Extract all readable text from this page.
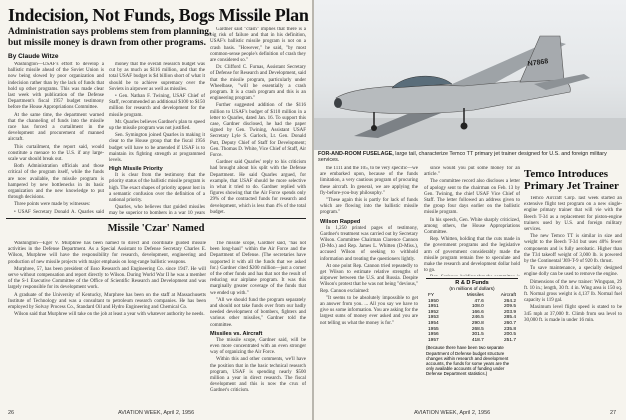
Indecision, Not Funds, Bogs Missile Plan
Administration says problems stem from planning, but missile money is drawn from other programs.
By Claude Witze

Washington—USAF's effort to develop a ballistic missile ahead of the Soviet Union is now being slowed by poor organization and indecision rather than by the lack of funds that hold up other programs. This was made clear last week with publication of the Defense Department's fiscal 1957 budget testimony before the House Appropriations Committee.

At the same time, the department warned that the channeling of funds into the missile race has forced a curtailment in the development and procurement of manned aircraft.

This curtailment, the report said, would constitute a menace to the U.S. if any large-scale war should break out.

Both Administration officials and those critical of the program itself, while the funds are now available, the missile program is hampered by new bottlenecks in its basic organization and the new knowledge to put through decisions.

Three points were made by witnesses:

• USAF Secretary Donald A. Quarles said

money that the overall research budget was cut by as much as $116 million, and that the total USAF budget is $4 billion short of what it should be to achieve supremacy over the Soviets in airpower as well as missiles.

• Gen. Nathan F. Twining, USAF Chief of Staff, recommended an additional $100 to $150 million for research and development for the missile program.

Mr. Quarles believes Gardner's plan to speed up the missile program was not justified.

Sen. Symington joined Quarles in making it clear to the House group that the fiscal 1956 budget will have to be amended if USAF is to maintain its fighting strength at programmed levels.

High Missile Priority

It is clear from the testimony that the priority status of the ballistic missile program is high. The exact shapes of priority appear lost in a semantic confusion over the definition of a national priority.

Quarles, who believes that guided missiles may be superior to bombers in a war 10 years

Gardner said "crash" implies that there is a big risk of failure and that in his definition, USAF's ballistic missile program is not on a crash basis. "However," he said, "by most common-sense people's definition of crash they are considered so."

Dr. Clifford C. Furnas, Assistant Secretary of Defense for Research and Development, said that the missile program, particularly under Wheelbase, "will be essentially a crash program. It is a crash program and this is an engineering program."

Further suggested addition of the $116 million to USAF's budget of $110 million in a letter to Quarles, dated Jan. 16. To support this case, Gardner disclosed, he had the paper signed by Gen. Twining, Assistant USAF Secretary Lyle S. Garlock, Lt. Gen. Donald Putt, Deputy Chief of Staff for Development; Gen. Thomas D. White, Vice Chief of Staff, Air Force.

Gardner said Quarles' reply to his criticism had brought about his split with the Defense Department. He said Quarles argued, for example, that USAF should be more selective in what it tried to do. Gardner replied with figures showing that the Air Force spends only 29% of the contracted funds for research and development, which is less than 4% of the total budget.

Missile 'Czar' Named

Washington—Eger V. Murphree has been named to direct and coordinate guided missile activities in the Defense Department. As a Special Assistant to Defense Secretary Charles E. Wilson, Murphree will have the responsibility for research, development, engineering and production of new missile projects with major emphasis on long-range ballistic weapons.

Murphree, 57, has been president of Esso Research and Engineering Co. since 1947. He will serve without compensation and report directly to Wilson. During World War II he was a member of the S-1 Executive Committee of the Office of Scientific Research and Development and was largely responsible for its development work.

A graduate of the University of Kentucky, Murphree has been on the staff at Massachusetts Institute of Technology and was a consultant to petroleum research companies. He has been employed by Solvay Process Co., Standard Oil and Hydro Engineering and Chemical Co.

Wilson said that Murphree will take on the job at least a year with whatever authority he needs.

The missile scope, Gardner said, "has not been long-haul" within the Air Force and the Department of Defense. (The secretaries have supported it with all the funds that we asked for.) Gardner cited $200 million—just a corner of the other funds and has that not the result of reducing our airplane program. It was this marginally greater coverage of the funds that we ended up with."

"All we should fund the program separately and should not take funds over from our badly needed development of bombers, fighters and various other missiles," Gardner told the committee.

Missiles vs. Aircraft

The missile scope, Gardner said, will be even more concentrated with an even stronger way of organizing the Air Force.

Within this and other comments, we'll have the position that in the basic technical research program, USAF is spending nearly $500 million a year in direct research. The fiscal development and this is now the crux of Gardner's criticism.

26	AVIATION WEEK, April 2, 1956
N7868
FOR-AND-ROOM FUSELAGE, large tail, characterize Temco TT primary jet trainer designed for U.S. and foreign military services.

the 1111 and the 105, to be very specific—we are embarked upon, because of the funds limitation, a very cautious program of procuring these aircraft. In general, we are applying the fly-before-you-buy philosophy."

"These again this is partly for lack of funds which are flowing into the ballistic missile program."

Wilson Rapped

In 1,250 printed pages of testimony, Gardner's treatment was carried out by Secretary Wilson. Committee Chairman Clarence Cannon (D-Mo.) and Rep. James L. Whitten (D-Miss.), accused Wilson of seeking to withhold information and treating the questioners lightly.

At one point Rep. Cannon tried repeatedly to get Wilson to estimate relative strengths of airpower between the U.S. and Russia. Despite Wilson's protest that he was not being "devious," Rep. Cannon exclaimed:

"It seems to be absolutely impossible to get an answer from you. ... All you say we have to give us some information. You are asking for the largest sums of money ever asked and you are not telling us what the money is for."

since would you put some money for an article."

The committee record also discloses a letter of apology sent to the chairman on Feb. 13 by Gen. Twining, the chief USAF Vice Chief of Staff. The letter followed an address given to the group four days earlier on the ballistic missile program.

In his speech, Gen. White sharply criticized, among others, the House Appropriations Committee.

Rep. Whitten, holding that the cuts made in the government programs and the legislative arm of government considerably made the missile program remain free to speculate and make the research and development dollar hold to go.

R & D Funds
(In millions of dollars)
FY	Missiles	Aircraft
1950	47.6	264.2
1951	108.0	209.5
1952	166.6	203.9
1953	246.5	285.4
1954	290.8	260.7
1955	268.5	235.8
1956	301.5	200.5
1957	418.7	251.7
(Because there have been two separate Department of Defense budget structure changes within research and development accounts, the funds for some years are the only available accounts of funding under Defense Department statistics.)
Temco Introduces Primary Jet Trainer

Temco Aircraft Corp. last week started an extensive flight test program on a new single-engine primary trainer that will vie with the Beech T-34 as a replacement for piston-engine trainers used by U.S. and foreign military services.

The new Temco TT is similar in size and weight to the Beech T-34 but uses 40% fewer components and is fully aerobatic. Higher than the T34 takeoff weight of 3,000 lb. is powered by the Continental 'J69-T-9 of 920 lb. thrust.

To save maintenance, a specially designed engine dolly can be used to remove the engine.

Dimensions of the new trainer: Wingspan, 29 ft. 10 in.; length, 30 ft. 4 in. Wing area is 150 sq. ft. Normal gross weight is 4,137 lb. Normal fuel capacity is 119 gal.

Maximum level flight speed is stated to be 345 mph at 37,000 ft. Climb from sea level to 30,000 ft. is made in under 16 min.

AVIATION WEEK, April 2, 1956	27
